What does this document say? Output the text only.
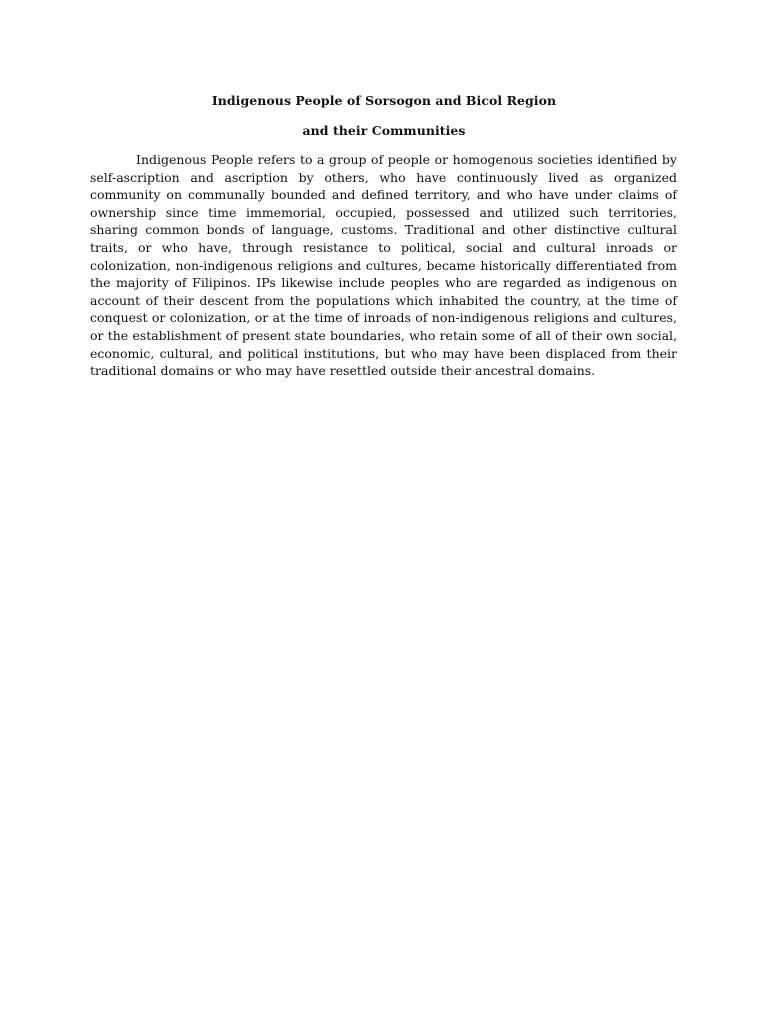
Indigenous People of Sorsogon and Bicol Region
and their Communities

Indigenous People refers to a group of people or homogenous societies identified by self-ascription and ascription by others, who have continuously lived as organized community on communally bounded and defined territory, and who have under claims of ownership since time immemorial, occupied, possessed and utilized such territories, sharing common bonds of language, customs. Traditional and other distinctive cultural traits, or who have, through resistance to political, social and cultural inroads or colonization, non-indigenous religions and cultures, became historically differentiated from the majority of Filipinos. IPs likewise include peoples who are regarded as indigenous on account of their descent from the populations which inhabited the country, at the time of conquest or colonization, or at the time of inroads of non-indigenous religions and cultures, or the establishment of present state boundaries, who retain some of all of their own social, economic, cultural, and political institutions, but who may have been displaced from their traditional domains or who may have resettled outside their ancestral domains.
